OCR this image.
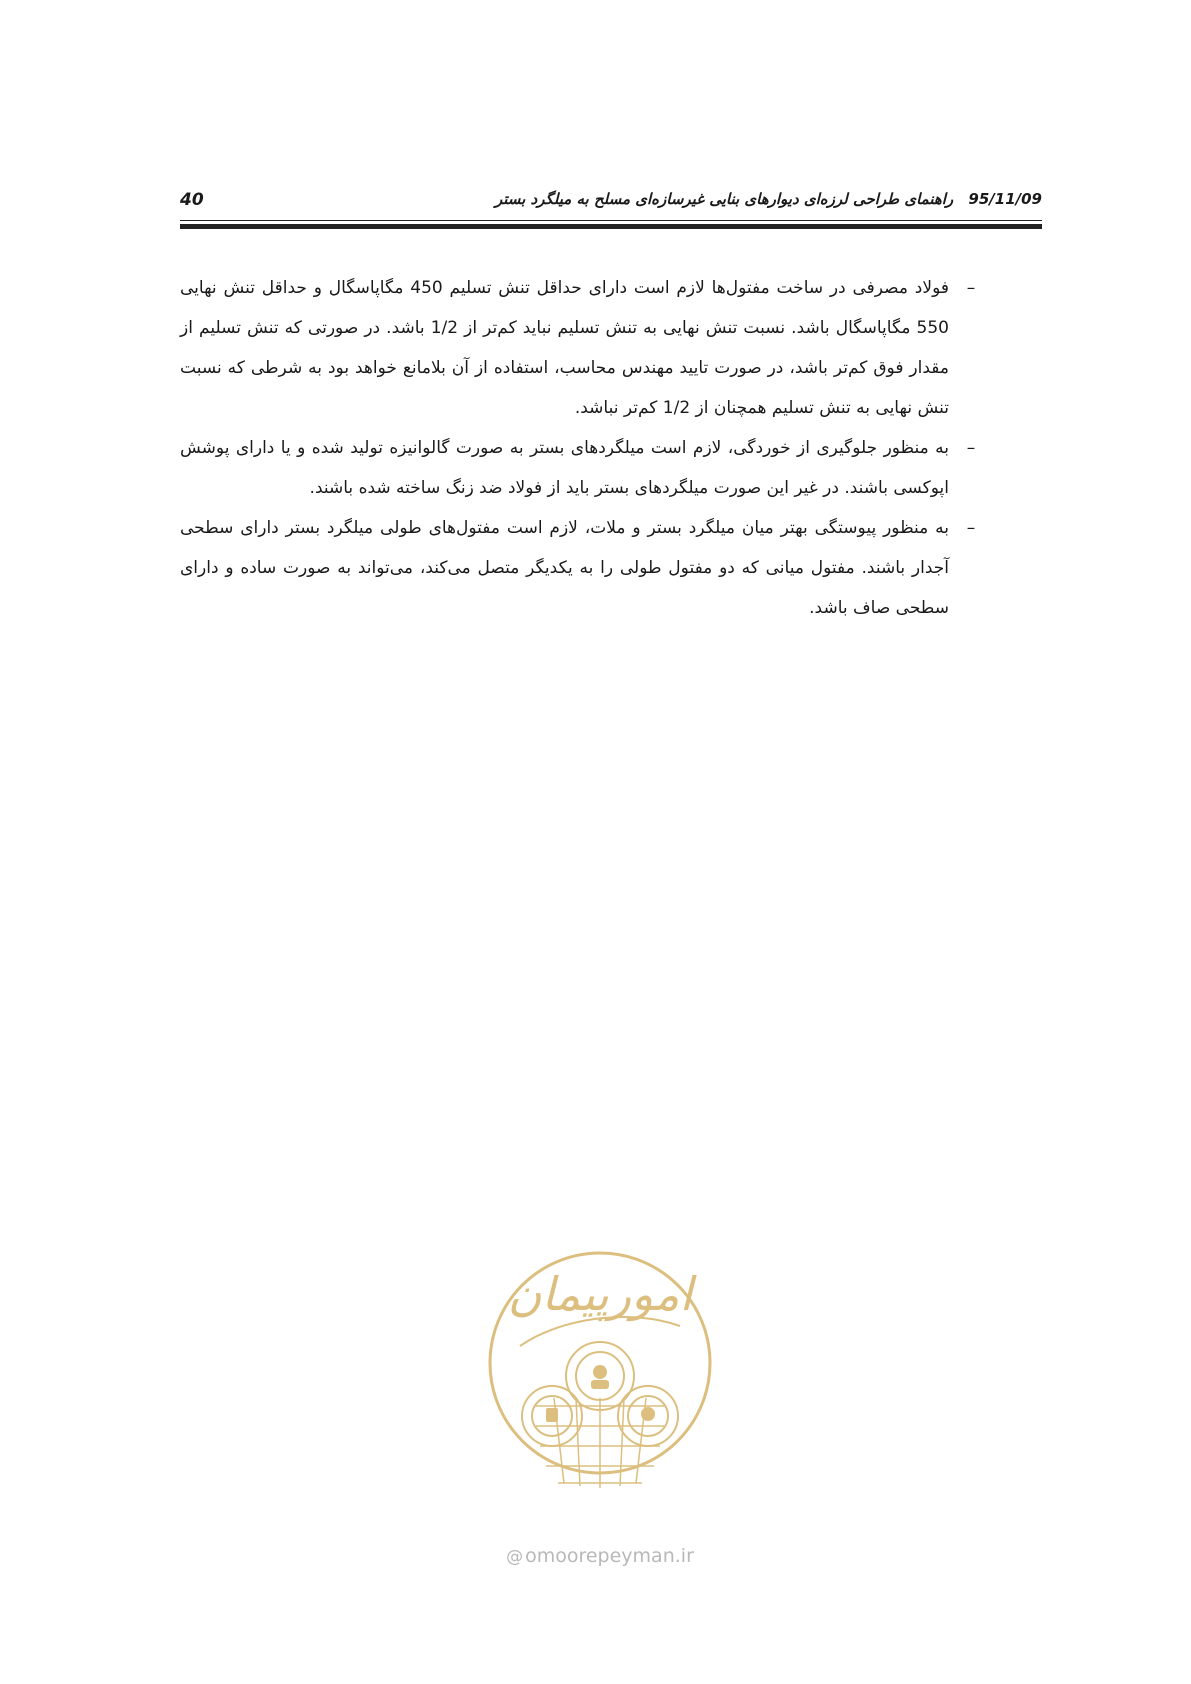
40	95/11/09 راهنمای طراحی لرزه‌ای دیوارهای بنایی غیرسازه‌ای مسلح به میلگرد بستر

–
فولاد مصرفی در ساخت مفتول‌ها لازم است دارای حداقل تنش تسلیم 450 مگاپاسگال و حداقل تنش نهایی 550 مگاپاسگال باشد. نسبت تنش نهایی به تنش تسلیم نباید کم‌تر از 1/2 باشد. در صورتی که تنش تسلیم از مقدار فوق کم‌تر باشد، در صورت تایید مهندس محاسب، استفاده از آن بلامانع خواهد بود به شرطی که نسبت تنش نهایی به تنش تسلیم همچنان از 1/2 کم‌تر نباشد.

–
به منظور جلوگیری از خوردگی، لازم است میلگردهای بستر به صورت گالوانیزه تولید شده و یا دارای پوشش اپوکسی باشند. در غیر این صورت میلگردهای بستر باید از فولاد ضد زنگ ساخته شده باشند.

–
به منظور پیوستگی بهتر میان میلگرد بستر و ملات، لازم است مفتول‌های طولی میلگرد بستر دارای سطحی آجدار باشند. مفتول میانی که دو مفتول طولی را به یکدیگر متصل می‌کند، می‌تواند به صورت ساده و دارای سطحی صاف باشد.

امورپیمان
@ omoorepeyman.ir
